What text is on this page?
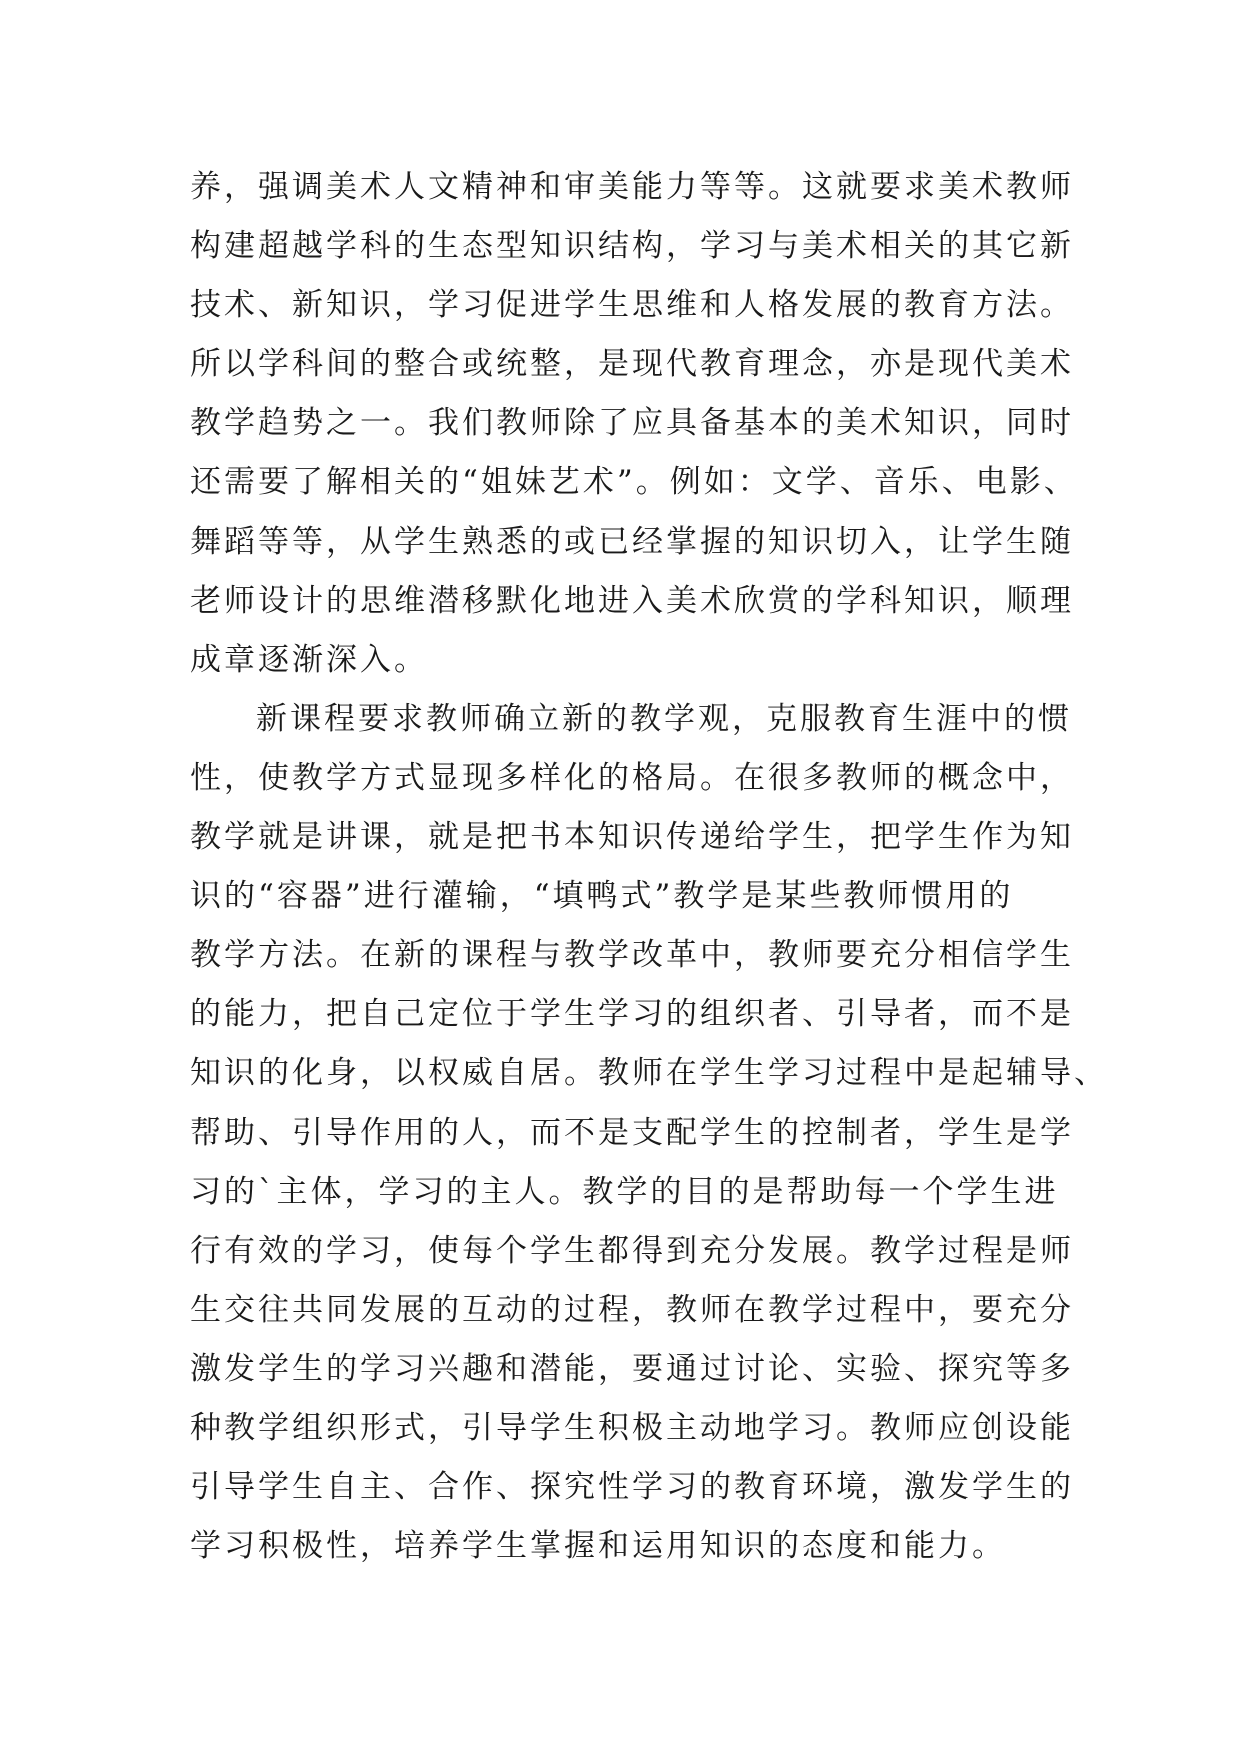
养，强调美术人文精神和审美能力等等。这就要求美术教师
构建超越学科的生态型知识结构，学习与美术相关的其它新
技术、新知识，学习促进学生思维和人格发展的教育方法。
所以学科间的整合或统整，是现代教育理念，亦是现代美术
教学趋势之一。我们教师除了应具备基本的美术知识，同时
还需要了解相关的“姐妹艺术”。例如：文学、音乐、电影、
舞蹈等等，从学生熟悉的或已经掌握的知识切入，让学生随
老师设计的思维潜移默化地进入美术欣赏的学科知识，顺理
成章逐渐深入。
新课程要求教师确立新的教学观，克服教育生涯中的惯
性，使教学方式显现多样化的格局。在很多教师的概念中，
教学就是讲课，就是把书本知识传递给学生，把学生作为知
识的“容器”进行灌输，“填鸭式”教学是某些教师惯用的
教学方法。在新的课程与教学改革中，教师要充分相信学生
的能力，把自己定位于学生学习的组织者、引导者，而不是
知识的化身，以权威自居。教师在学生学习过程中是起辅导、
帮助、引导作用的人，而不是支配学生的控制者，学生是学
习的`主体，学习的主人。教学的目的是帮助每一个学生进
行有效的学习，使每个学生都得到充分发展。教学过程是师
生交往共同发展的互动的过程，教师在教学过程中，要充分
激发学生的学习兴趣和潜能，要通过讨论、实验、探究等多
种教学组织形式，引导学生积极主动地学习。教师应创设能
引导学生自主、合作、探究性学习的教育环境，激发学生的
学习积极性，培养学生掌握和运用知识的态度和能力。
